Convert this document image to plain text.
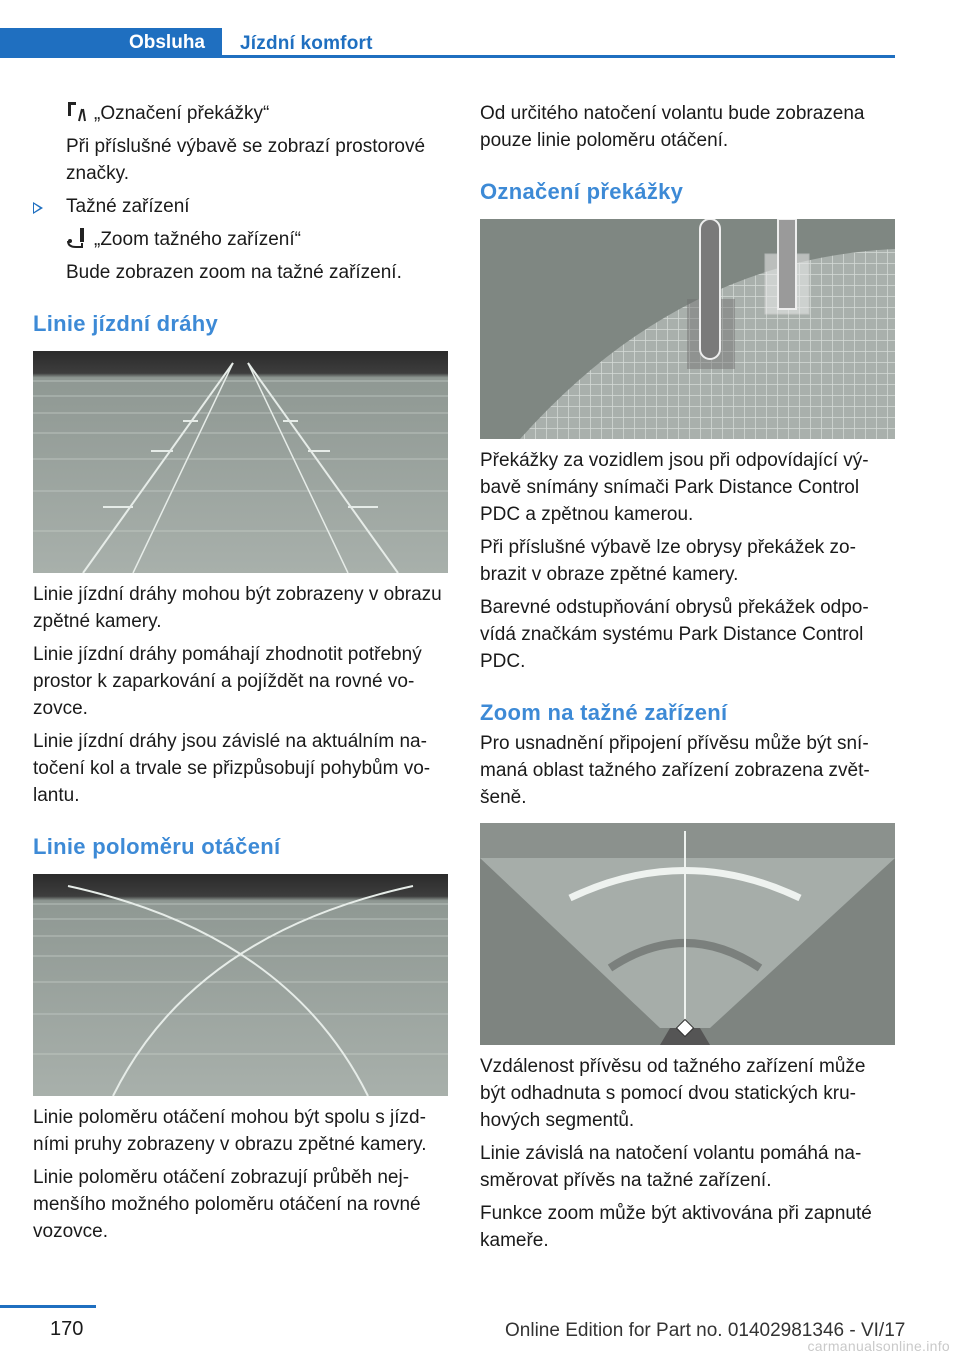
Obsluha	Jízdní komfort

„Označení překážky“

Při příslušné výbavě se zobrazí prostorové značky.

Tažné zařízení

„Zoom tažného zařízení“

Bude zobrazen zoom na tažné zařízení.

Linie jízdní dráhy

Linie jízdní dráhy mohou být zobrazeny v obrazu zpětné kamery.

Linie jízdní dráhy pomáhají zhodnotit potřebný prostor k zaparkování a pojíždět na rovné vozovce.

Linie jízdní dráhy jsou závislé na aktuálním natočení kol a trvale se přizpůsobují pohybům volantu.

Linie poloměru otáčení

Linie poloměru otáčení mohou být spolu s jízdními pruhy zobrazeny v obrazu zpětné kamery.

Linie poloměru otáčení zobrazují průběh nejmenšího možného poloměru otáčení na rovné vozovce.

Od určitého natočení volantu bude zobrazena pouze linie poloměru otáčení.

Označení překážky

Překážky za vozidlem jsou při odpovídající výbavě snímány snímači Park Distance Control PDC a zpětnou kamerou.

Při příslušné výbavě lze obrysy překážek zobrazit v obraze zpětné kamery.

Barevné odstupňování obrysů překážek odpovídá značkám systému Park Distance Control PDC.

Zoom na tažné zařízení

Pro usnadnění připojení přívěsu může být snímaná oblast tažného zařízení zobrazena zvětšeně.

Vzdálenost přívěsu od tažného zařízení může být odhadnuta s pomocí dvou statických kruhových segmentů.

Linie závislá na natočení volantu pomáhá nasměrovat přívěs na tažné zařízení.

Funkce zoom může být aktivována při zapnuté kameře.

170	Online Edition for Part no. 01402981346 - VI/17
carmanualsonline.info
